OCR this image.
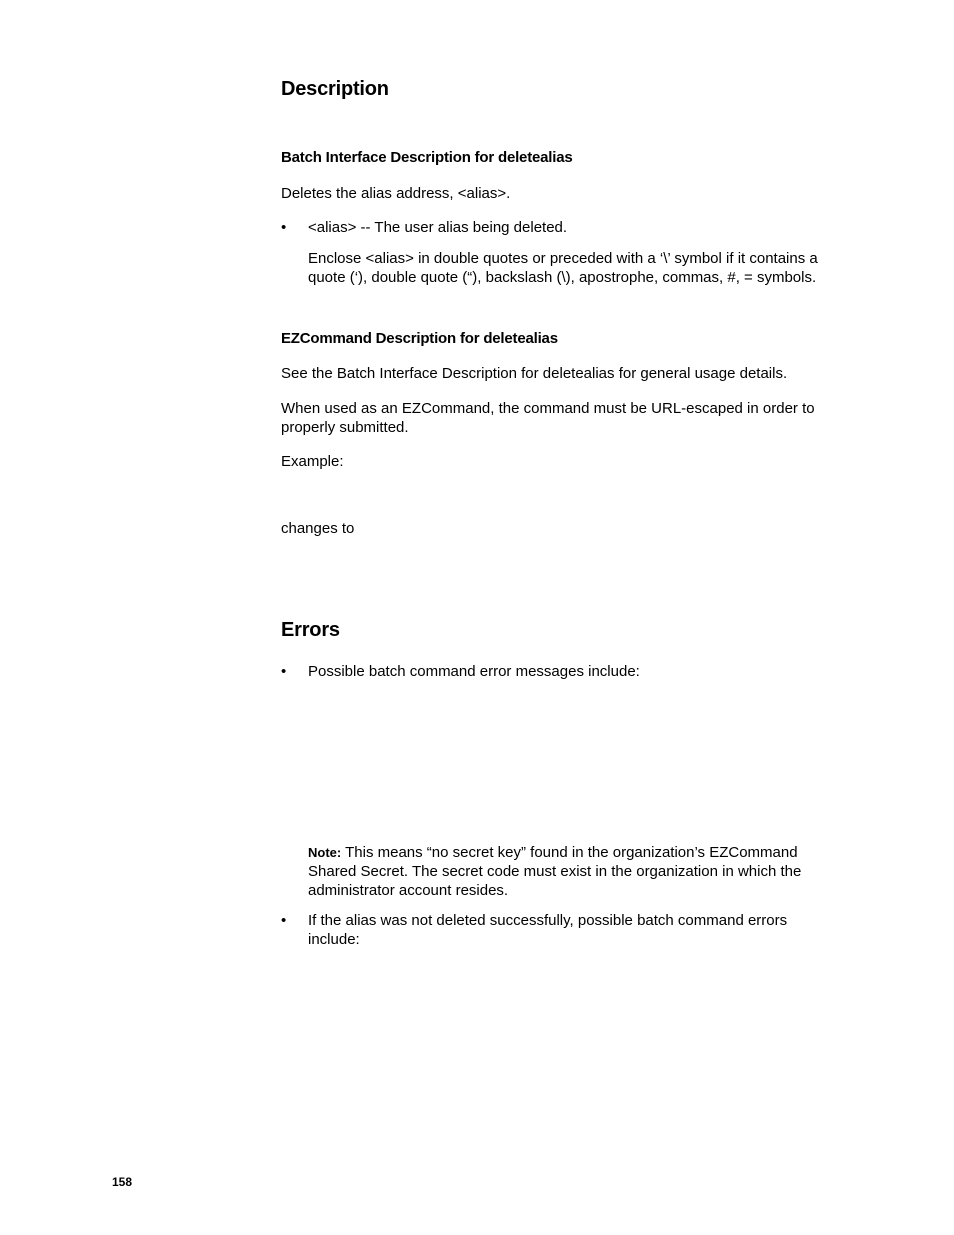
Description
Batch Interface Description for deletealias

Deletes the alias address, <alias>.

• <alias> -- The user alias being deleted.

Enclose <alias> in double quotes or preceded with a ‘\’ symbol if it contains a quote (‘), double quote (“), backslash (\), apostrophe, commas, #, = symbols.

EZCommand Description for deletealias

See the Batch Interface Description for deletealias for general usage details.

When used as an EZCommand, the command must be URL-escaped in order to properly submitted.

Example:

changes to

Errors
• Possible batch command error messages include:

Note: This means “no secret key” found in the organization’s EZCommand Shared Secret. The secret code must exist in the organization in which the administrator account resides.

• If the alias was not deleted successfully, possible batch command errors include:

158
